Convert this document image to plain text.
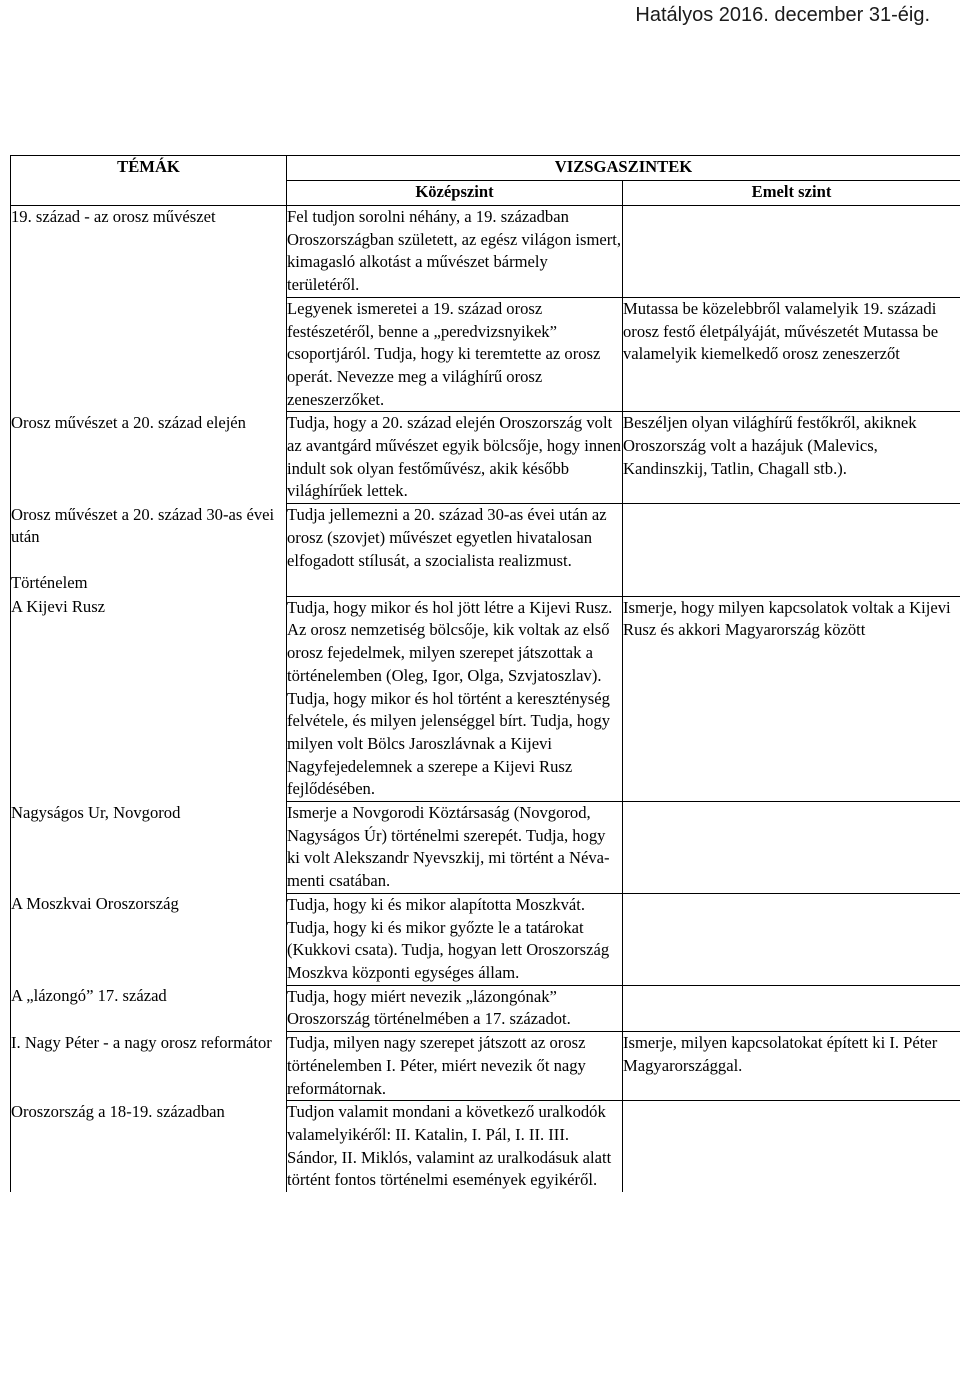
Hatályos 2016. december 31-éig.
TÉMÁK	VIZSGASZINTEK	
	Középszint	Emelt szint
19. század - az orosz művészet	Fel tudjon sorolni néhány, a 19. században Oroszországban született, az egész világon ismert, kimagasló alkotást a művészet bármely területéről.	
	Legyenek ismeretei a 19. század orosz festészetéről, benne a „peredvizsnyikek” csoportjáról. Tudja, hogy ki teremtette az orosz operát. Nevezze meg a világhírű orosz zeneszerzőket.	Mutassa be közelebbről valamelyik 19. századi orosz festő életpályáját, művészetét Mutassa be valamelyik kiemelkedő orosz zeneszerzőt
Orosz művészet a 20. század elején	Tudja, hogy a 20. század elején Oroszország volt az avantgárd művészet egyik bölcsője, hogy innen indult sok olyan festőművész, akik később világhírűek lettek.	Beszéljen olyan világhírű festőkről, akiknek Oroszország volt a hazájuk (Malevics, Kandinszkij, Tatlin, Chagall stb.).
Orosz művészet a 20. század 30-as évei után	Tudja jellemezni a 20. század 30-as évei után az orosz (szovjet) művészet egyetlen hivatalosan elfogadott stílusát, a szocialista realizmust.	
Történelem		
A Kijevi Rusz	Tudja, hogy mikor és hol jött létre a Kijevi Rusz. Az orosz nemzetiség bölcsője, kik voltak az első orosz fejedelmek, milyen szerepet játszottak a történelemben (Oleg, Igor, Olga, Szvjatoszlav). Tudja, hogy mikor és hol történt a kereszténység felvétele, és milyen jelenséggel bírt. Tudja, hogy milyen volt Bölcs Jaroszlávnak a Kijevi Nagyfejedelemnek a szerepe a Kijevi Rusz fejlődésében.	Ismerje, hogy milyen kapcsolatok voltak a Kijevi Rusz és akkori Magyarország között
Nagyságos Ur, Novgorod	Ismerje a Novgorodi Köztársaság (Novgorod, Nagyságos Úr) történelmi szerepét. Tudja, hogy ki volt Alekszandr Nyevszkij, mi történt a Néva-menti csatában.	
A Moszkvai Oroszország	Tudja, hogy ki és mikor alapította Moszkvát. Tudja, hogy ki és mikor győzte le a tatárokat (Kukkovi csata). Tudja, hogyan lett Oroszország Moszkva központi egységes állam.	
A „lázongó” 17. század	Tudja, hogy miért nevezik „lázongónak” Oroszország történelmében a 17. századot.	
I. Nagy Péter - a nagy orosz reformátor	Tudja, milyen nagy szerepet játszott az orosz történelemben I. Péter, miért nevezik őt nagy reformátornak.	Ismerje, milyen kapcsolatokat épített ki I. Péter Magyarországgal.
Oroszország a 18-19. században	Tudjon valamit mondani a következő uralkodók valamelyikéről: II. Katalin, I. Pál, I. II. III. Sándor, II. Miklós, valamint az uralkodásuk alatt történt fontos történelmi események egyikéről.	
